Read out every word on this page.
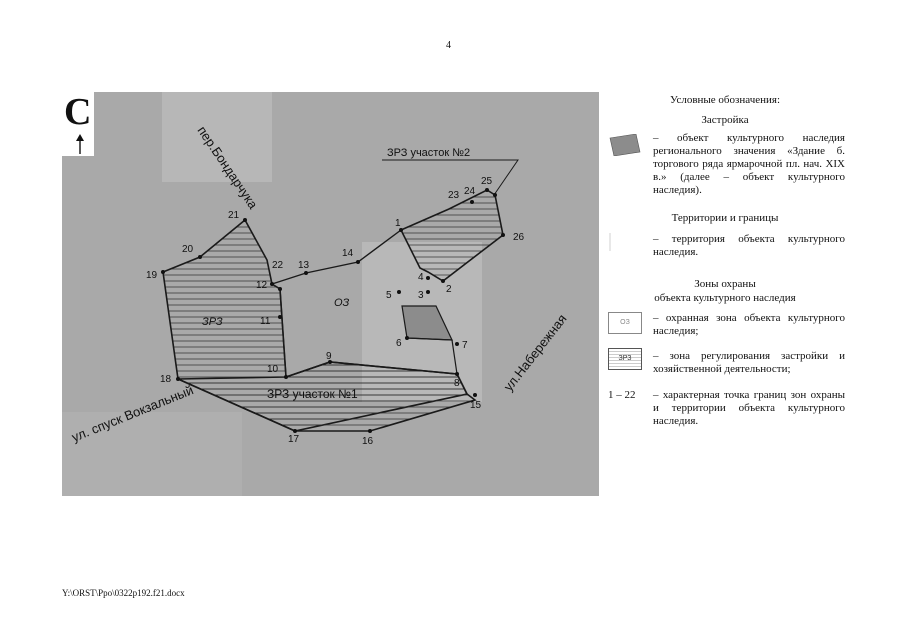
4
пер.Бондарчука
ул. спуск Вокзальный
ул.Набережная
ЗРЗ участок №2
ЗРЗ участок №1
ЗРЗ
ОЗ
1
2
3
4
5
6	7
8
9
10
11
12
13
14
15
16
17
18
19
20
21
22
23 24
25
26
С	Условные обозначения:
Застройка
– объект культурного наследия регионального значения «Здание б. торгового ряда ярмарочной пл. нач. XIX в.» (далее – объект культурного наследия).
Территории и границы
– территория объекта культурного наследия.
Зоны охраны
объекта культурного наследия
ОЗ	– охранная зона объекта культурного наследия;
ЗРЗ	– зона регулирования застройки и хозяйственной деятельности;
1 – 22	– характерная точка границ зон охраны и территории объекта культурного наследия.
Y:\ORST\Ppo\0322p192.f21.docx
